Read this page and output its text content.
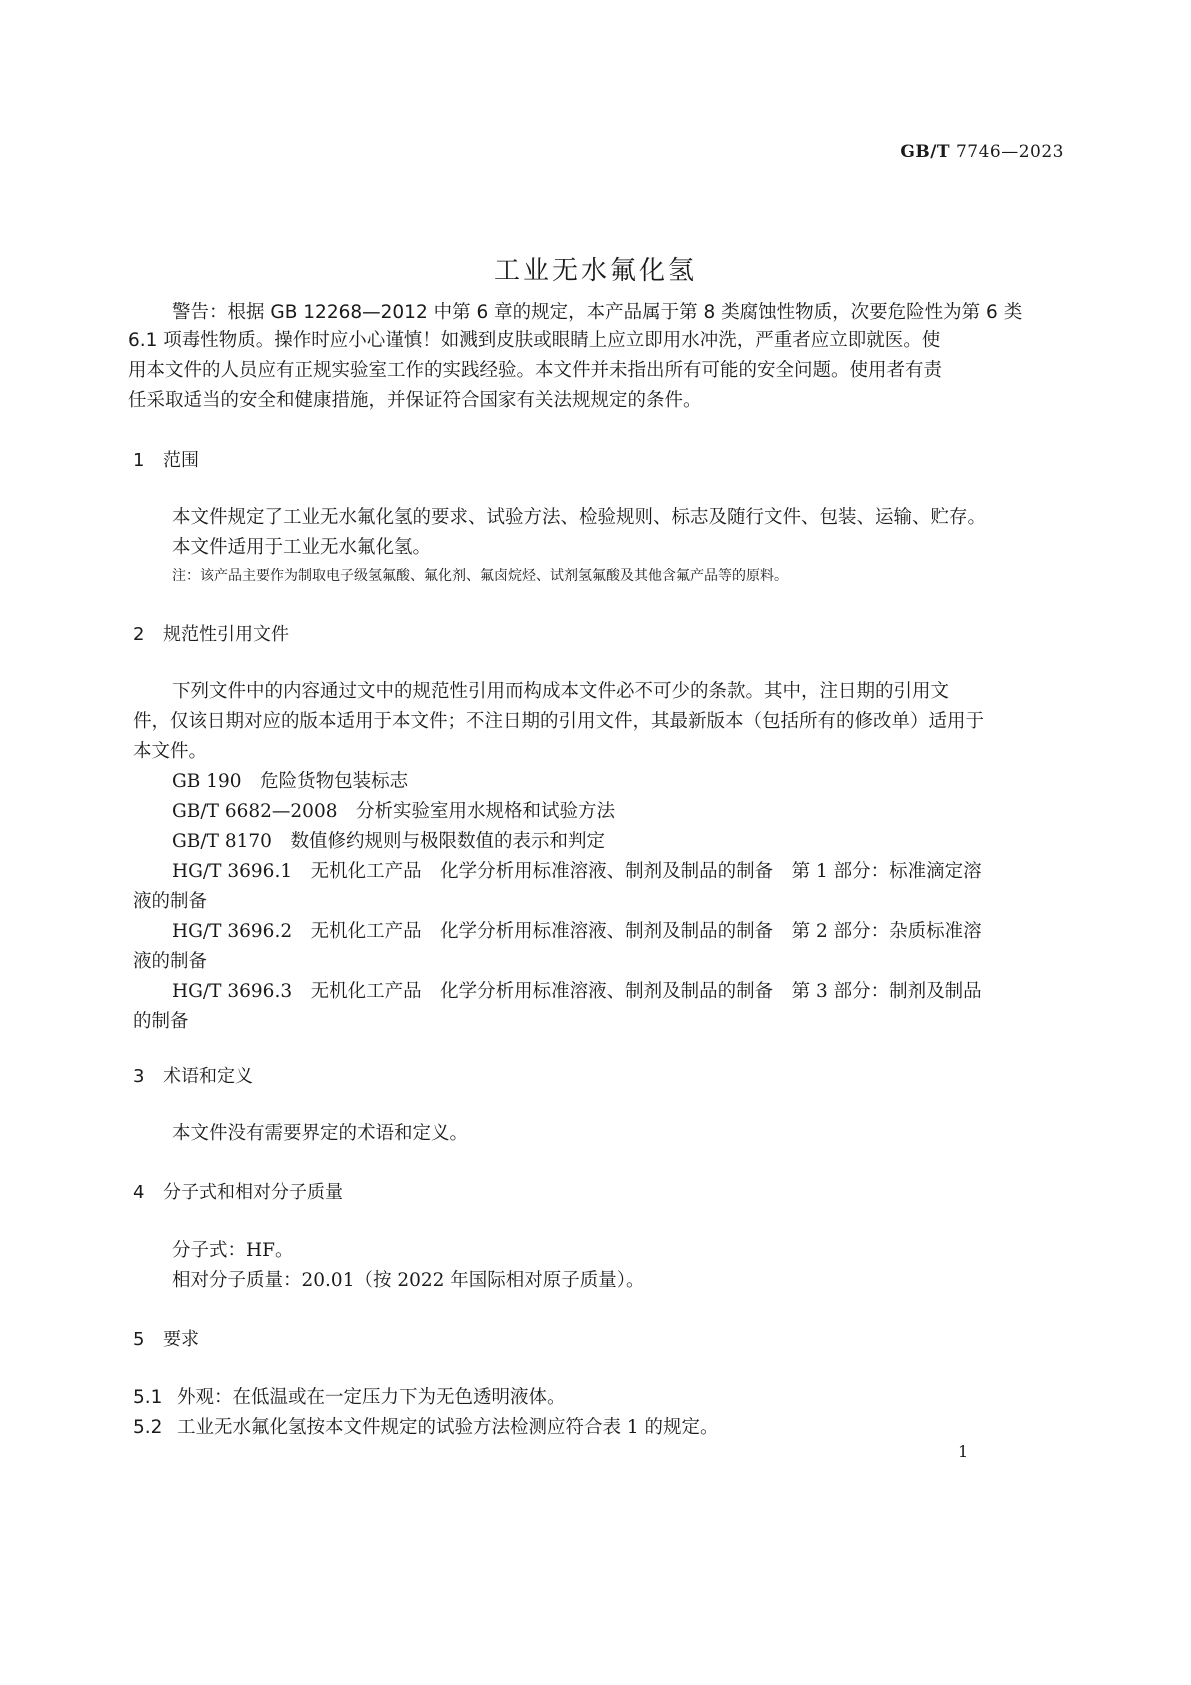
GB/T 7746—2023
工业无水氟化氢
警告：根据 GB 12268—2012 中第 6 章的规定，本产品属于第 8 类腐蚀性物质，次要危险性为第 6 类
6.1 项毒性物质。操作时应小心谨慎！如溅到皮肤或眼睛上应立即用水冲洗，严重者应立即就医。使
用本文件的人员应有正规实验室工作的实践经验。本文件并未指出所有可能的安全问题。使用者有责
任采取适当的安全和健康措施，并保证符合国家有关法规规定的条件。
1 范围
本文件规定了工业无水氟化氢的要求、试验方法、检验规则、标志及随行文件、包装、运输、贮存。
本文件适用于工业无水氟化氢。
注：该产品主要作为制取电子级氢氟酸、氟化剂、氟卤烷烃、试剂氢氟酸及其他含氟产品等的原料。
2 规范性引用文件
下列文件中的内容通过文中的规范性引用而构成本文件必不可少的条款。其中，注日期的引用文
件，仅该日期对应的版本适用于本文件；不注日期的引用文件，其最新版本（包括所有的修改单）适用于
本文件。
GB 190　 危险货物包装标志
GB/T 6682—2008　 分析实验室用水规格和试验方法
GB/T 8170　 数值修约规则与极限数值的表示和判定
HG/T 3696.1　 无机化工产品　化学分析用标准溶液、制剂及制品的制备　第 1 部分：标准滴定溶
液的制备
HG/T 3696.2　 无机化工产品　化学分析用标准溶液、制剂及制品的制备　第 2 部分：杂质标准溶
液的制备
HG/T 3696.3　 无机化工产品　化学分析用标准溶液、制剂及制品的制备　第 3 部分：制剂及制品
的制备
3 术语和定义
本文件没有需要界定的术语和定义。
4 分子式和相对分子质量
分子式：HF。
相对分子质量：20.01（按 2022 年国际相对原子质量）。
5 要求
5.1 外观：在低温或在一定压力下为无色透明液体。
5.2 工业无水氟化氢按本文件规定的试验方法检测应符合表 1 的规定。
1
